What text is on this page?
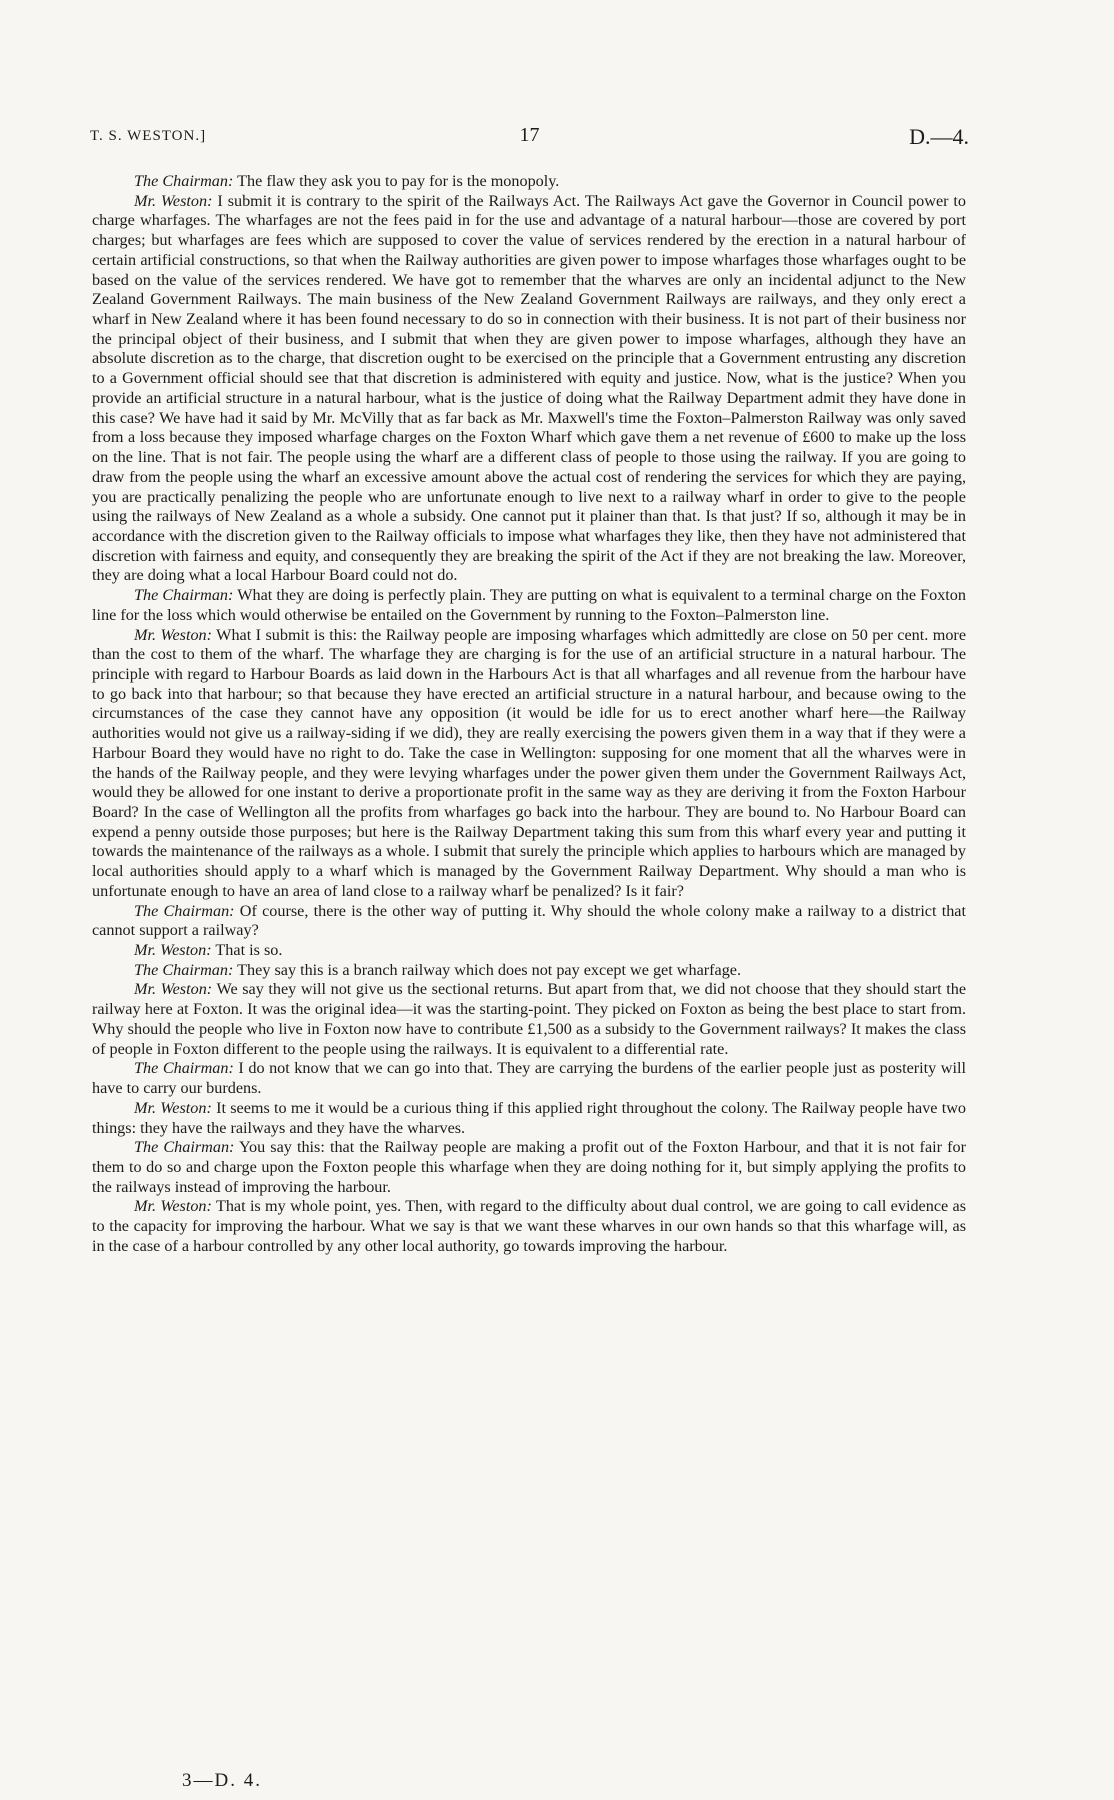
T. S. WESTON.]	17	D.—4.

The Chairman: The flaw they ask you to pay for is the monopoly.

Mr. Weston: I submit it is contrary to the spirit of the Railways Act. The Railways Act gave the Governor in Council power to charge wharfages. The wharfages are not the fees paid in for the use and advantage of a natural harbour—those are covered by port charges; but wharfages are fees which are supposed to cover the value of services rendered by the erection in a natural harbour of certain artificial constructions, so that when the Railway authorities are given power to impose wharfages those wharfages ought to be based on the value of the services rendered. We have got to remember that the wharves are only an incidental adjunct to the New Zealand Government Railways. The main business of the New Zealand Government Railways are railways, and they only erect a wharf in New Zealand where it has been found necessary to do so in connection with their business. It is not part of their business nor the principal object of their business, and I submit that when they are given power to impose wharfages, although they have an absolute discretion as to the charge, that discretion ought to be exercised on the principle that a Government entrusting any discretion to a Government official should see that that discretion is administered with equity and justice. Now, what is the justice? When you provide an artificial structure in a natural harbour, what is the justice of doing what the Railway Department admit they have done in this case? We have had it said by Mr. McVilly that as far back as Mr. Maxwell's time the Foxton–Palmerston Railway was only saved from a loss because they imposed wharfage charges on the Foxton Wharf which gave them a net revenue of £600 to make up the loss on the line. That is not fair. The people using the wharf are a different class of people to those using the railway. If you are going to draw from the people using the wharf an excessive amount above the actual cost of rendering the services for which they are paying, you are practically penalizing the people who are unfortunate enough to live next to a railway wharf in order to give to the people using the railways of New Zealand as a whole a subsidy. One cannot put it plainer than that. Is that just? If so, although it may be in accordance with the discretion given to the Railway officials to impose what wharfages they like, then they have not administered that discretion with fairness and equity, and consequently they are breaking the spirit of the Act if they are not breaking the law. Moreover, they are doing what a local Harbour Board could not do.

The Chairman: What they are doing is perfectly plain. They are putting on what is equivalent to a terminal charge on the Foxton line for the loss which would otherwise be entailed on the Government by running to the Foxton–Palmerston line.

Mr. Weston: What I submit is this: the Railway people are imposing wharfages which admittedly are close on 50 per cent. more than the cost to them of the wharf. The wharfage they are charging is for the use of an artificial structure in a natural harbour. The principle with regard to Harbour Boards as laid down in the Harbours Act is that all wharfages and all revenue from the harbour have to go back into that harbour; so that because they have erected an artificial structure in a natural harbour, and because owing to the circumstances of the case they cannot have any opposition (it would be idle for us to erect another wharf here—the Railway authorities would not give us a railway-siding if we did), they are really exercising the powers given them in a way that if they were a Harbour Board they would have no right to do. Take the case in Wellington: supposing for one moment that all the wharves were in the hands of the Railway people, and they were levying wharfages under the power given them under the Government Railways Act, would they be allowed for one instant to derive a proportionate profit in the same way as they are deriving it from the Foxton Harbour Board? In the case of Wellington all the profits from wharfages go back into the harbour. They are bound to. No Harbour Board can expend a penny outside those purposes; but here is the Railway Department taking this sum from this wharf every year and putting it towards the maintenance of the railways as a whole. I submit that surely the principle which applies to harbours which are managed by local authorities should apply to a wharf which is managed by the Government Railway Department. Why should a man who is unfortunate enough to have an area of land close to a railway wharf be penalized? Is it fair?

The Chairman: Of course, there is the other way of putting it. Why should the whole colony make a railway to a district that cannot support a railway?

Mr. Weston: That is so.

The Chairman: They say this is a branch railway which does not pay except we get wharfage.

Mr. Weston: We say they will not give us the sectional returns. But apart from that, we did not choose that they should start the railway here at Foxton. It was the original idea—it was the starting-point. They picked on Foxton as being the best place to start from. Why should the people who live in Foxton now have to contribute £1,500 as a subsidy to the Government railways? It makes the class of people in Foxton different to the people using the railways. It is equivalent to a differential rate.

The Chairman: I do not know that we can go into that. They are carrying the burdens of the earlier people just as posterity will have to carry our burdens.

Mr. Weston: It seems to me it would be a curious thing if this applied right throughout the colony. The Railway people have two things: they have the railways and they have the wharves.

The Chairman: You say this: that the Railway people are making a profit out of the Foxton Harbour, and that it is not fair for them to do so and charge upon the Foxton people this wharfage when they are doing nothing for it, but simply applying the profits to the railways instead of improving the harbour.

Mr. Weston: That is my whole point, yes. Then, with regard to the difficulty about dual control, we are going to call evidence as to the capacity for improving the harbour. What we say is that we want these wharves in our own hands so that this wharfage will, as in the case of a harbour controlled by any other local authority, go towards improving the harbour.

3—D. 4.
